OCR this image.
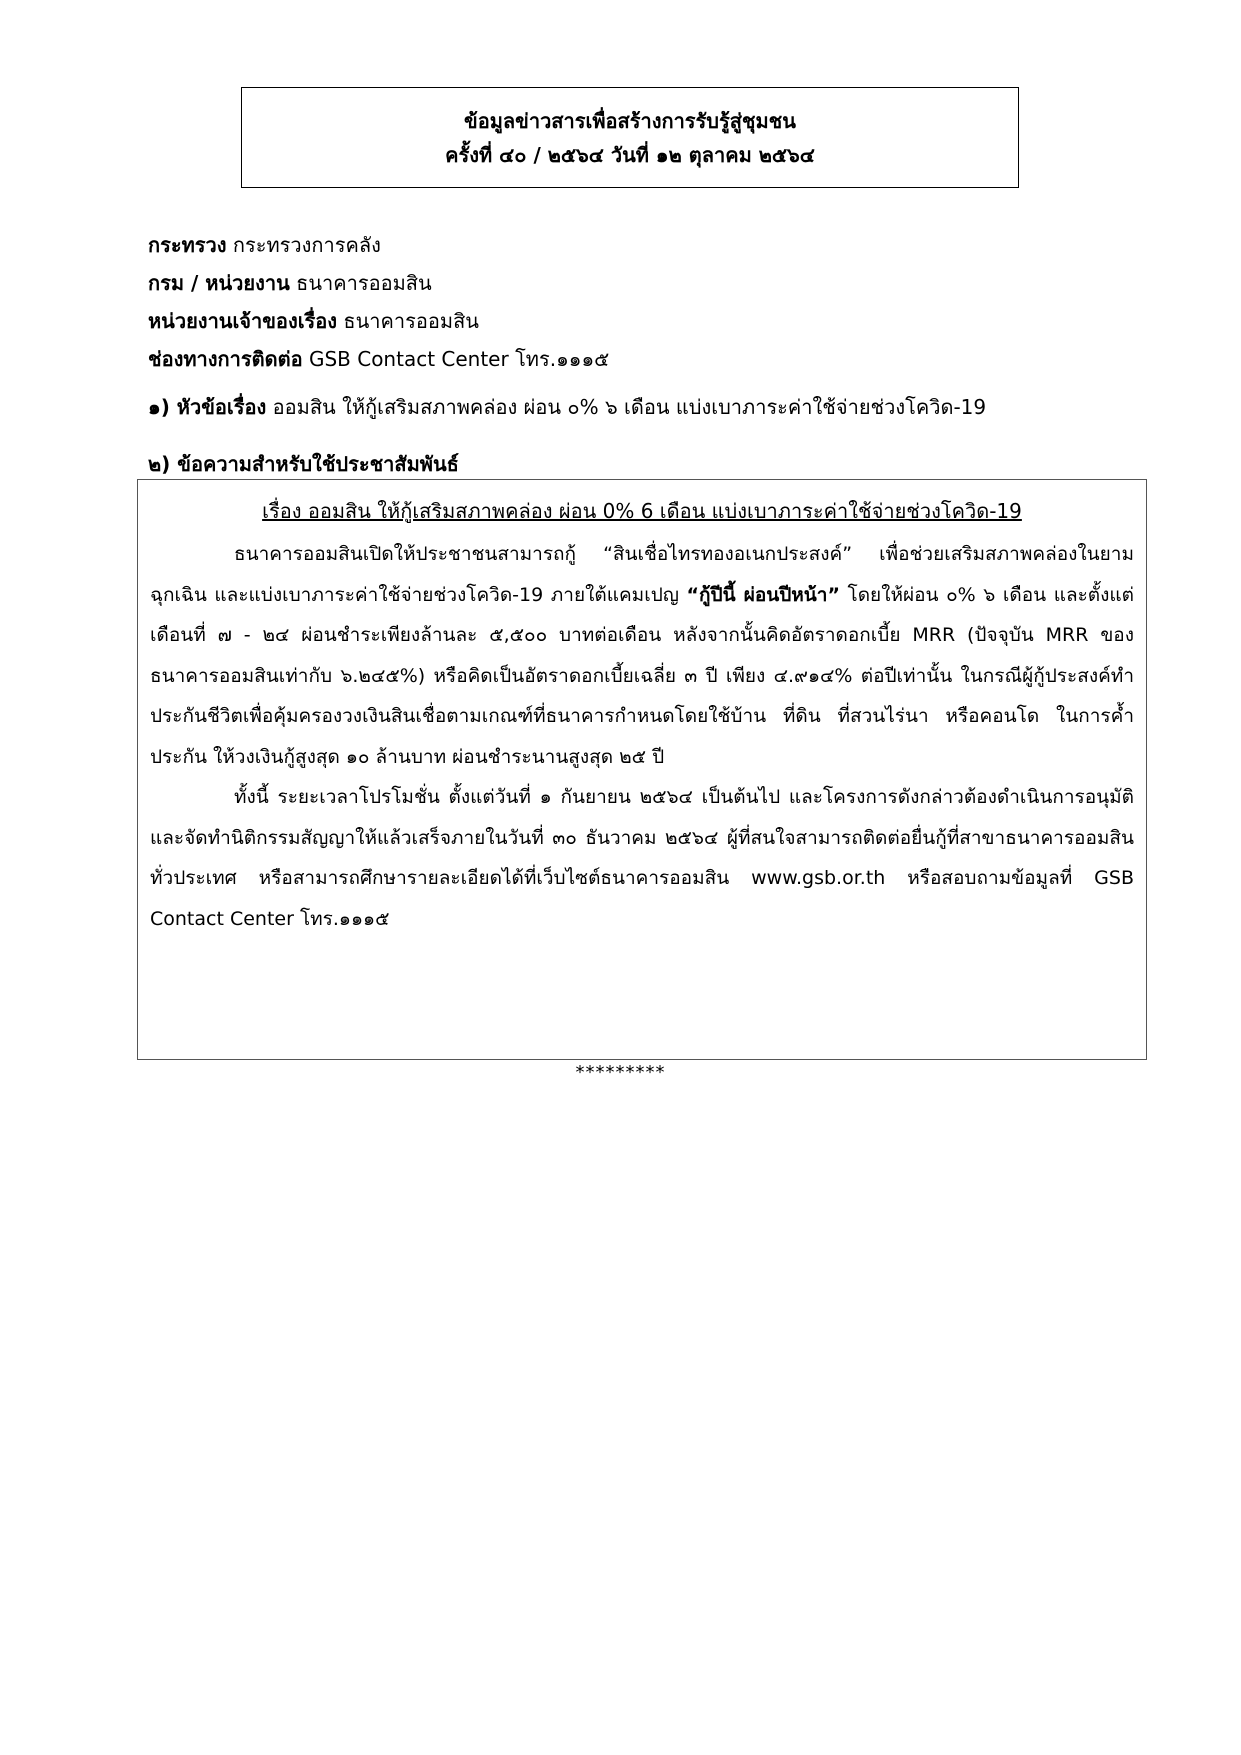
ข้อมูลข่าวสารเพื่อสร้างการรับรู้สู่ชุมชน
ครั้งที่ ๔๐ / ๒๕๖๔ วันที่ ๑๒ ตุลาคม ๒๕๖๔
กระทรวง กระทรวงการคลัง
กรม / หน่วยงาน ธนาคารออมสิน
หน่วยงานเจ้าของเรื่อง ธนาคารออมสิน
ช่องทางการติดต่อ GSB Contact Center โทร.๑๑๑๕
๑) หัวข้อเรื่อง ออมสิน ให้กู้เสริมสภาพคล่อง ผ่อน ๐% ๖ เดือน แบ่งเบาภาระค่าใช้จ่ายช่วงโควิด-19
๒) ข้อความสำหรับใช้ประชาสัมพันธ์
เรื่อง ออมสิน ให้กู้เสริมสภาพคล่อง ผ่อน 0% 6 เดือน แบ่งเบาภาระค่าใช้จ่ายช่วงโควิด-19
ธนาคารออมสินเปิดให้ประชาชนสามารถกู้ “สินเชื่อไทรทองอเนกประสงค์” เพื่อช่วยเสริมสภาพคล่องในยามฉุกเฉิน และแบ่งเบาภาระค่าใช้จ่ายช่วงโควิด-19 ภายใต้แคมเปญ “กู้ปีนี้ ผ่อนปีหน้า” โดยให้ผ่อน ๐% ๖ เดือน และตั้งแต่เดือนที่ ๗ - ๒๔ ผ่อนชำระเพียงล้านละ ๕,๕๐๐ บาทต่อเดือน หลังจากนั้นคิดอัตราดอกเบี้ย MRR (ปัจจุบัน MRR ของธนาคารออมสินเท่ากับ ๖.๒๔๕%) หรือคิดเป็นอัตราดอกเบี้ยเฉลี่ย ๓ ปี เพียง ๔.๙๑๔% ต่อปีเท่านั้น ในกรณีผู้กู้ประสงค์ทำประกันชีวิตเพื่อคุ้มครองวงเงินสินเชื่อตามเกณฑ์ที่ธนาคารกำหนดโดยใช้บ้าน ที่ดิน ที่สวนไร่นา หรือคอนโด ในการค้ำประกัน ให้วงเงินกู้สูงสุด ๑๐ ล้านบาท ผ่อนชำระนานสูงสุด ๒๕ ปี
ทั้งนี้ ระยะเวลาโปรโมชั่น ตั้งแต่วันที่ ๑ กันยายน ๒๕๖๔ เป็นต้นไป และโครงการดังกล่าวต้องดำเนินการอนุมัติและจัดทำนิติกรรมสัญญาให้แล้วเสร็จภายในวันที่ ๓๐ ธันวาคม ๒๕๖๔ ผู้ที่สนใจสามารถติดต่อยื่นกู้ที่สาขาธนาคารออมสินทั่วประเทศ หรือสามารถศึกษารายละเอียดได้ที่เว็บไซต์ธนาคารออมสิน www.gsb.or.th หรือสอบถามข้อมูลที่ GSB Contact Center โทร.๑๑๑๕
*********
